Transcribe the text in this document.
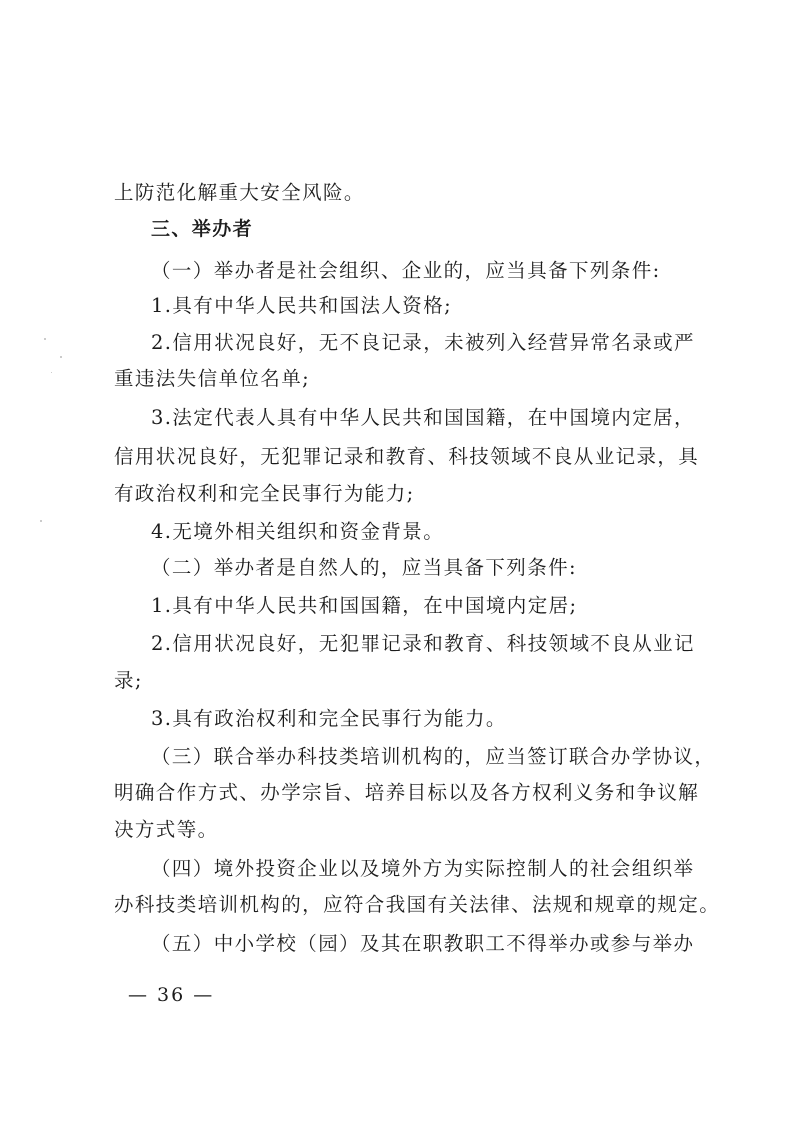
上防范化解重大安全风险。
三、举办者
（一）举办者是社会组织、企业的，应当具备下列条件:
1.具有中华人民共和国法人资格;
2.信用状况良好，无不良记录，未被列入经营异常名录或严
重违法失信单位名单;
3.法定代表人具有中华人民共和国国籍，在中国境内定居，
信用状况良好，无犯罪记录和教育、科技领域不良从业记录，具
有政治权利和完全民事行为能力;
4.无境外相关组织和资金背景。
（二）举办者是自然人的，应当具备下列条件:
1.具有中华人民共和国国籍，在中国境内定居;
2.信用状况良好，无犯罪记录和教育、科技领域不良从业记
录;
3.具有政治权利和完全民事行为能力。
（三）联合举办科技类培训机构的，应当签订联合办学协议，
明确合作方式、办学宗旨、培养目标以及各方权利义务和争议解
决方式等。
（四）境外投资企业以及境外方为实际控制人的社会组织举
办科技类培训机构的，应符合我国有关法律、法规和规章的规定。
（五）中小学校（园）及其在职教职工不得举办或参与举办
— 36 —
